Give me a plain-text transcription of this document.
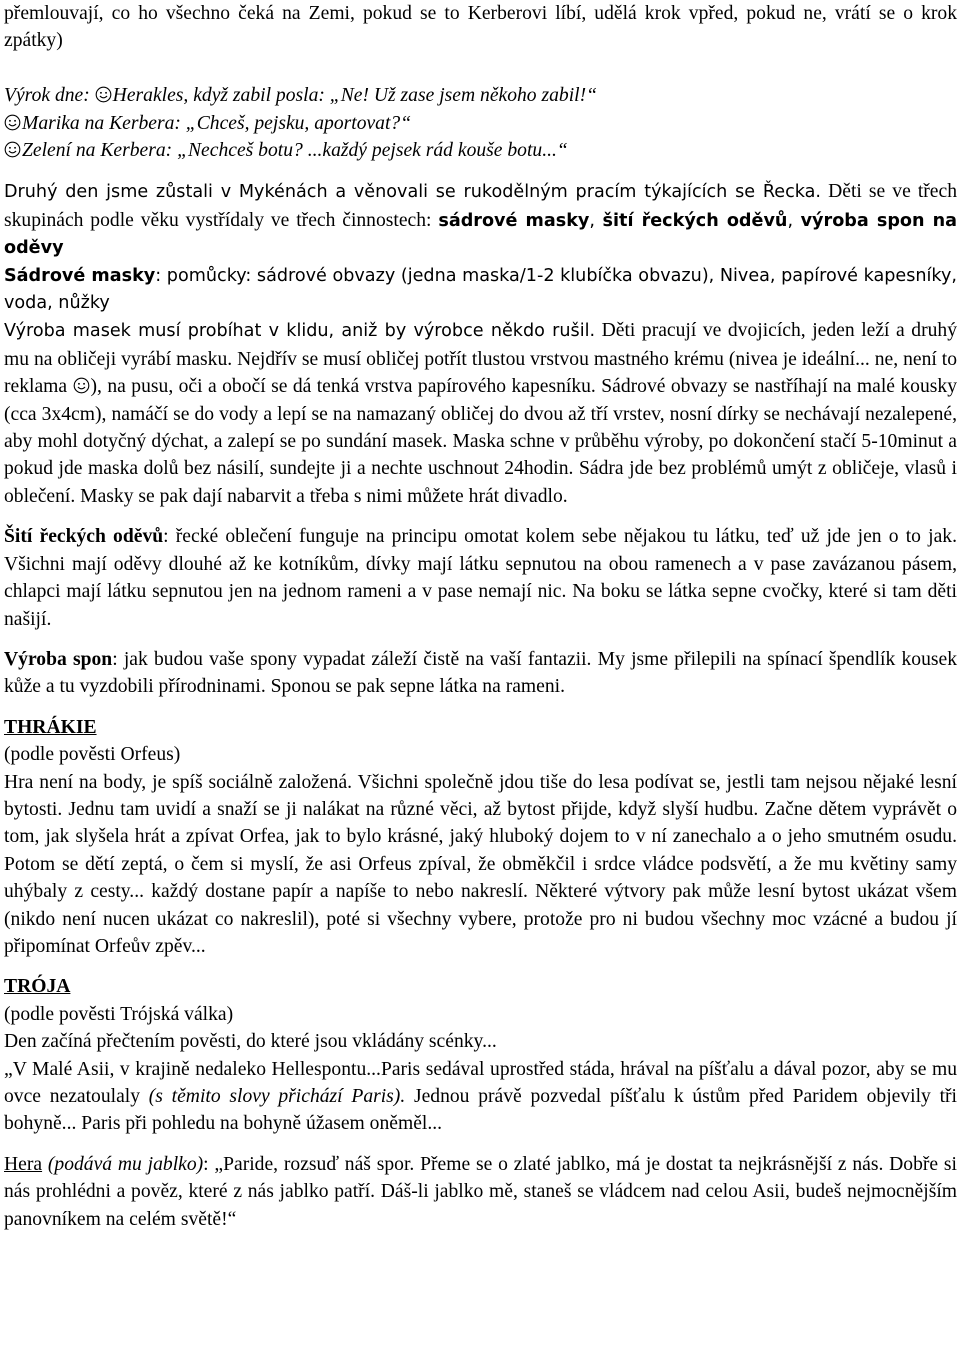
přemlouvají, co ho všechno čeká na Zemi, pokud se to Kerberovi líbí, udělá krok vpřed, pokud ne, vrátí se o krok zpátky)

Výrok dne:
Herakles, když zabil posla: „Ne! Už zase jsem někoho zabil!“
Marika na Kerbera: „Chceš, pejsku, aportovat?“
Zelení na Kerbera: „Nechceš botu? ...každý pejsek rád kouše botu...“

Druhý den jsme zůstali v Mykénách a věnovali se rukodělným pracím týkajících se Řecka. Děti se ve třech skupinách podle věku vystřídaly ve třech činnostech: sádrové masky, šití řeckých oděvů, výroba spon na oděvy

Sádrové masky: pomůcky: sádrové obvazy (jedna maska/1-2 klubíčka obvazu), Nivea, papírové kapesníky, voda, nůžky

Výroba masek musí probíhat v klidu, aniž by výrobce někdo rušil. Děti pracují ve dvojicích, jeden leží a druhý mu na obličeji vyrábí masku. Nejdřív se musí obličej potřít tlustou vrstvou mastného krému (nivea je ideální... ne, není to reklama
), na pusu, oči a obočí se dá tenká vrstva papírového kapesníku. Sádrové obvazy se nastříhají na malé kousky (cca 3x4cm), namáčí se do vody a lepí se na namazaný obličej do dvou až tří vrstev, nosní dírky se nechávají nezalepené, aby mohl dotyčný dýchat, a zalepí se po sundání masek. Maska schne v průběhu výroby, po dokončení stačí 5-10minut a pokud jde maska dolů bez násilí, sundejte ji a nechte uschnout 24hodin. Sádra jde bez problémů umýt z obličeje, vlasů i oblečení. Masky se pak dají nabarvit a třeba s nimi můžete hrát divadlo.

Šití řeckých oděvů: řecké oblečení funguje na principu omotat kolem sebe nějakou tu látku, teď už jde jen o to jak. Všichni mají oděvy dlouhé až ke kotníkům, dívky mají látku sepnutou na obou ramenech a v pase zavázanou pásem, chlapci mají látku sepnutou jen na jednom rameni a v pase nemají nic. Na boku se látka sepne cvočky, které si tam děti našijí.

Výroba spon: jak budou vaše spony vypadat záleží čistě na vaší fantazii. My jsme přilepili na spínací špendlík kousek kůže a tu vyzdobili přírodninami. Sponou se pak sepne látka na rameni.

THRÁKIE
(podle pověsti Orfeus)

Hra není na body, je spíš sociálně založená. Všichni společně jdou tiše do lesa podívat se, jestli tam nejsou nějaké lesní bytosti. Jednu tam uvidí a snaží se ji nalákat na různé věci, až bytost přijde, když slyší hudbu. Začne dětem vyprávět o tom, jak slyšela hrát a zpívat Orfea, jak to bylo krásné, jaký hluboký dojem to v ní zanechalo a o jeho smutném osudu. Potom se dětí zeptá, o čem si myslí, že asi Orfeus zpíval, že obměkčil i srdce vládce podsvětí, a že mu květiny samy uhýbaly z cesty... každý dostane papír a napíše to nebo nakreslí. Některé výtvory pak může lesní bytost ukázat všem (nikdo není nucen ukázat co nakreslil), poté si všechny vybere, protože pro ni budou všechny moc vzácné a budou jí připomínat Orfeův zpěv...

TRÓJA
(podle pověsti Trójská válka)
Den začíná přečtením pověsti, do které jsou vkládány scénky...

„V Malé Asii, v krajině nedaleko Hellespontu...Paris sedával uprostřed stáda, hrával na píšťalu a dával pozor, aby se mu ovce nezatoulaly (s těmito slovy přichází Paris). Jednou právě pozvedal píšťalu k ústům před Paridem objevily tři bohyně... Paris při pohledu na bohyně úžasem oněměl...

Hera (podává mu jablko): „Paride, rozsuď náš spor. Přeme se o zlaté jablko, má je dostat ta nejkrásnější z nás. Dobře si nás prohlédni a pověz, které z nás jablko patří. Dáš-li jablko mě, staneš se vládcem nad celou Asii, budeš nejmocnějším panovníkem na celém světě!“
